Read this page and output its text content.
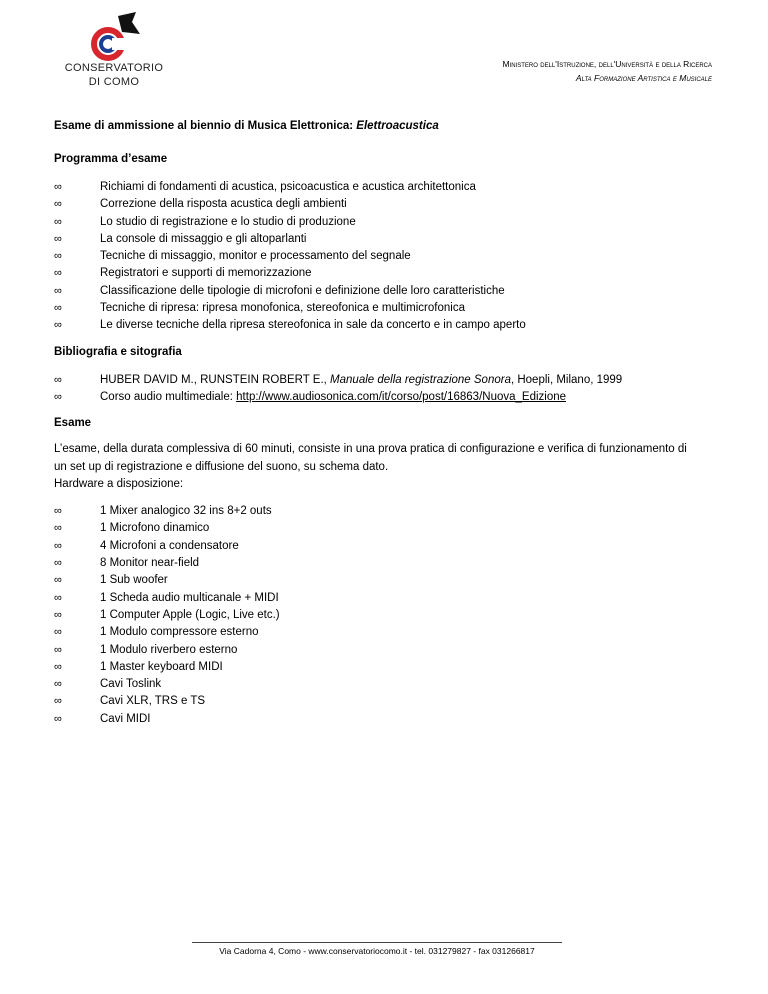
CONSERVATORIO
DI COMO
Ministero dell'Istruzione, dell'Università e della Ricerca
Alta Formazione Artistica e Musicale

Esame di ammissione al biennio di Musica Elettronica: Elettroacustica

Programma d’esame

∞	Richiami di fondamenti di acustica, psicoacustica e acustica architettonica
∞	Correzione della risposta acustica degli ambienti
∞	Lo studio di registrazione e lo studio di produzione
∞	La console di missaggio e gli altoparlanti
∞	Tecniche di missaggio, monitor e processamento del segnale
∞	Registratori e supporti di memorizzazione
∞	Classificazione delle tipologie di microfoni e definizione delle loro caratteristiche
∞	Tecniche di ripresa: ripresa monofonica, stereofonica e multimicrofonica
∞	Le diverse tecniche della ripresa stereofonica in sale da concerto e in campo aperto

Bibliografia e sitografia

∞	HUBER DAVID M., RUNSTEIN ROBERT E., Manuale della registrazione Sonora, Hoepli, Milano, 1999
∞	Corso audio multimediale: http://www.audiosonica.com/it/corso/post/16863/Nuova_Edizione

Esame

L’esame, della durata complessiva di 60 minuti, consiste in una prova pratica di configurazione e verifica di funzionamento di

un set up di registrazione e diffusione del suono, su schema dato.

Hardware a disposizione:

∞	1 Mixer analogico 32 ins 8+2 outs
∞	1 Microfono dinamico
∞	4 Microfoni a condensatore
∞	8 Monitor near-field
∞	1 Sub woofer
∞	1 Scheda audio multicanale + MIDI
∞	1 Computer Apple (Logic, Live etc.)
∞	1 Modulo compressore esterno
∞	1 Modulo riverbero esterno
∞	1 Master keyboard MIDI
∞	Cavi Toslink
∞	Cavi XLR, TRS e TS
∞	Cavi MIDI
Via Cadorna 4, Como - www.conservatoriocomo.it - tel. 031279827 - fax 031266817
